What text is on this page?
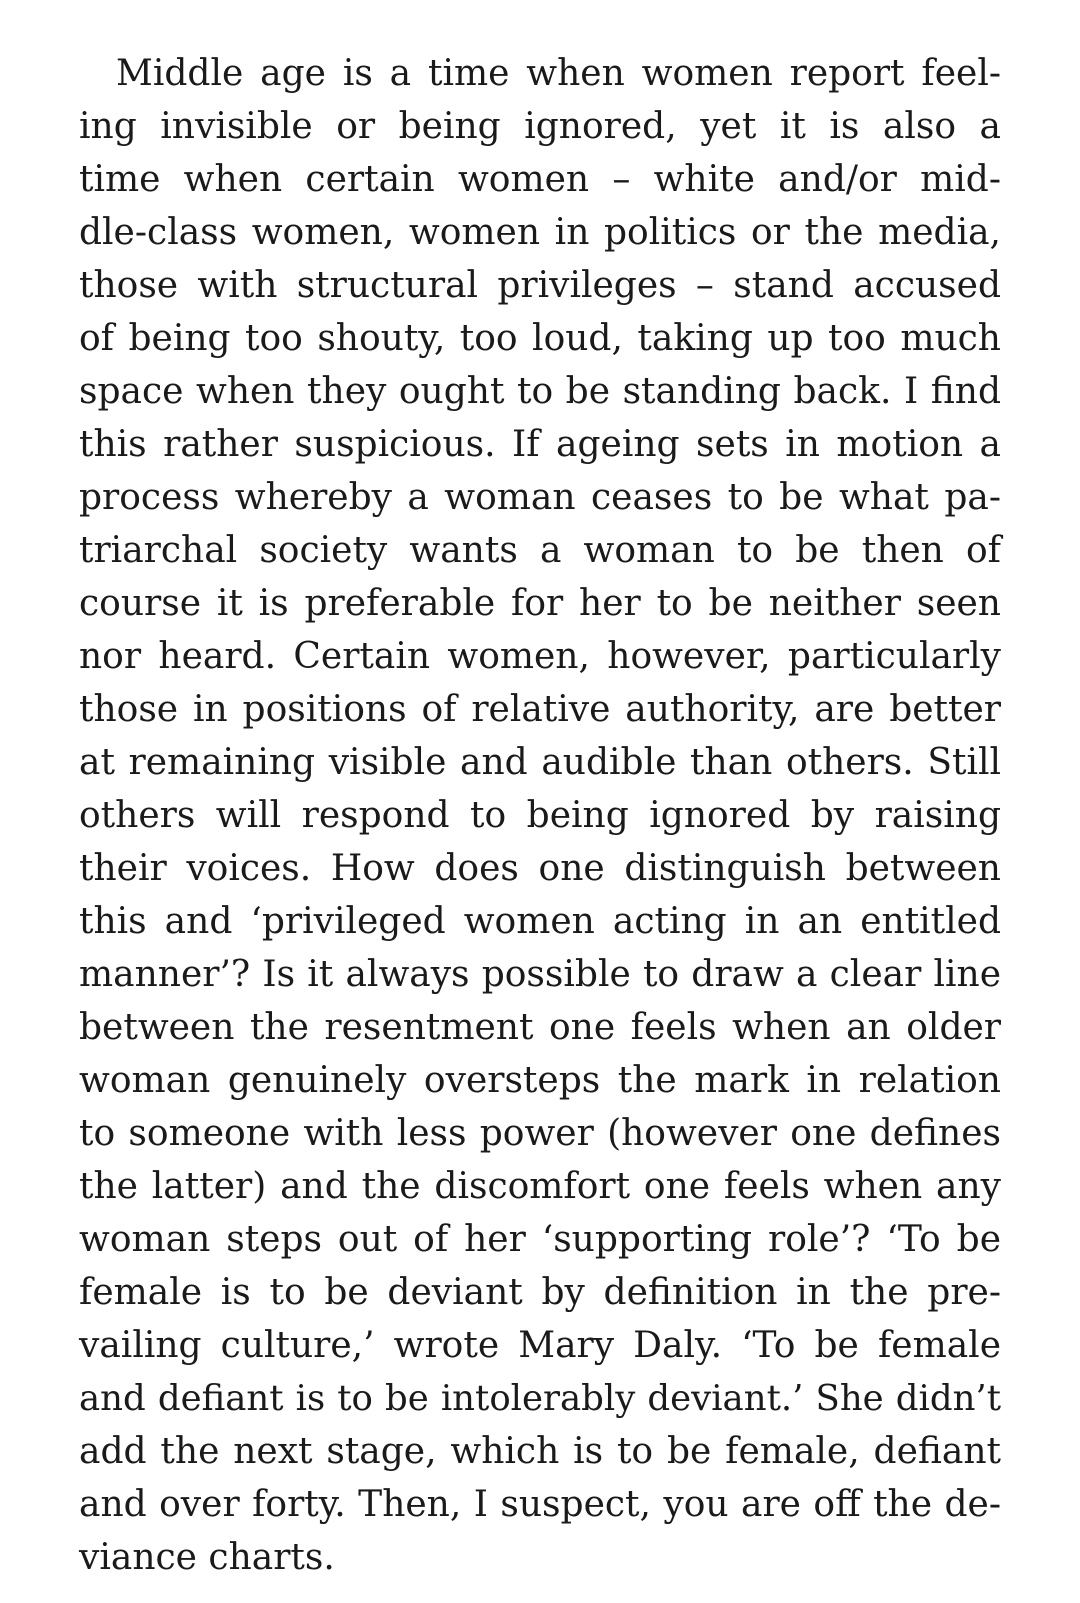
Middle age is a time when women report feel-
ing invisible or being ignored, yet it is also a
time when certain women – white and/or mid-
dle-class women, women in politics or the media,
those with structural privileges – stand accused
of being too shouty, too loud, taking up too much
space when they ought to be standing back. I find
this rather suspicious. If ageing sets in motion a
process whereby a woman ceases to be what pa-
triarchal society wants a woman to be then of
course it is preferable for her to be neither seen
nor heard. Certain women, however, particularly
those in positions of relative authority, are better
at remaining visible and audible than others. Still
others will respond to being ignored by raising
their voices. How does one distinguish between
this and ‘privileged women acting in an entitled
manner’? Is it always possible to draw a clear line
between the resentment one feels when an older
woman genuinely oversteps the mark in relation
to someone with less power (however one defines
the latter) and the discomfort one feels when any
woman steps out of her ‘supporting role’? ‘To be
female is to be deviant by definition in the pre-
vailing culture,’ wrote Mary Daly. ‘To be female
and defiant is to be intolerably deviant.’ She didn’t
add the next stage, which is to be female, defiant
and over forty. Then, I suspect, you are off the de-
viance charts.
